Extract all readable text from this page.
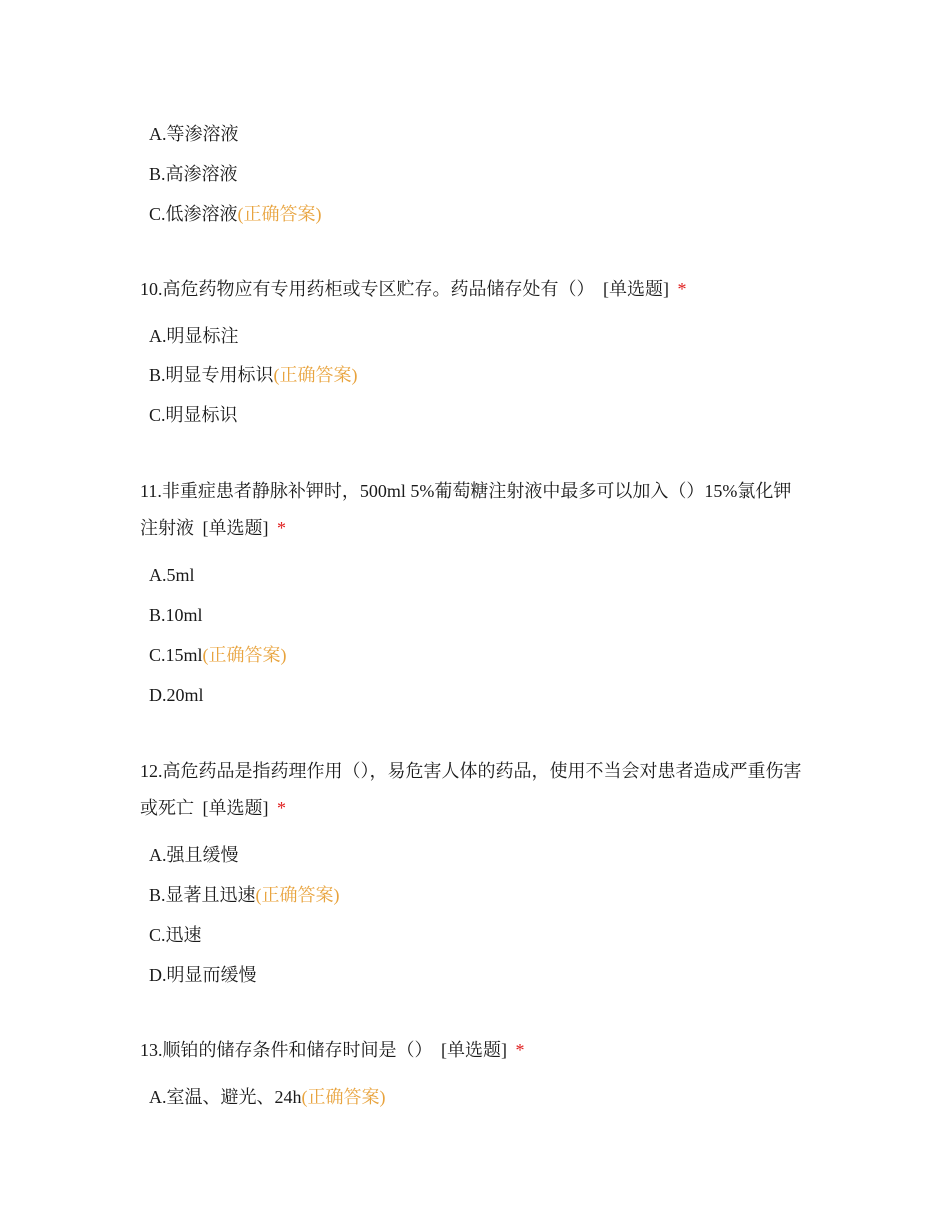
A.等渗溶液
B.高渗溶液
C.低渗溶液(正确答案)
10.高危药物应有专用药柜或专区贮存。药品储存处有（） [单选题] *
A.明显标注
B.明显专用标识(正确答案)
C.明显标识
11.非重症患者静脉补钾时，500ml 5%葡萄糖注射液中最多可以加入（）15%氯化钾注射液 [单选题] *
A.5ml
B.10ml
C.15ml(正确答案)
D.20ml
12.高危药品是指药理作用（），易危害人体的药品，使用不当会对患者造成严重伤害或死亡 [单选题] *
A.强且缓慢
B.显著且迅速(正确答案)
C.迅速
D.明显而缓慢
13.顺铂的储存条件和储存时间是（） [单选题] *
A.室温、避光、24h(正确答案)
